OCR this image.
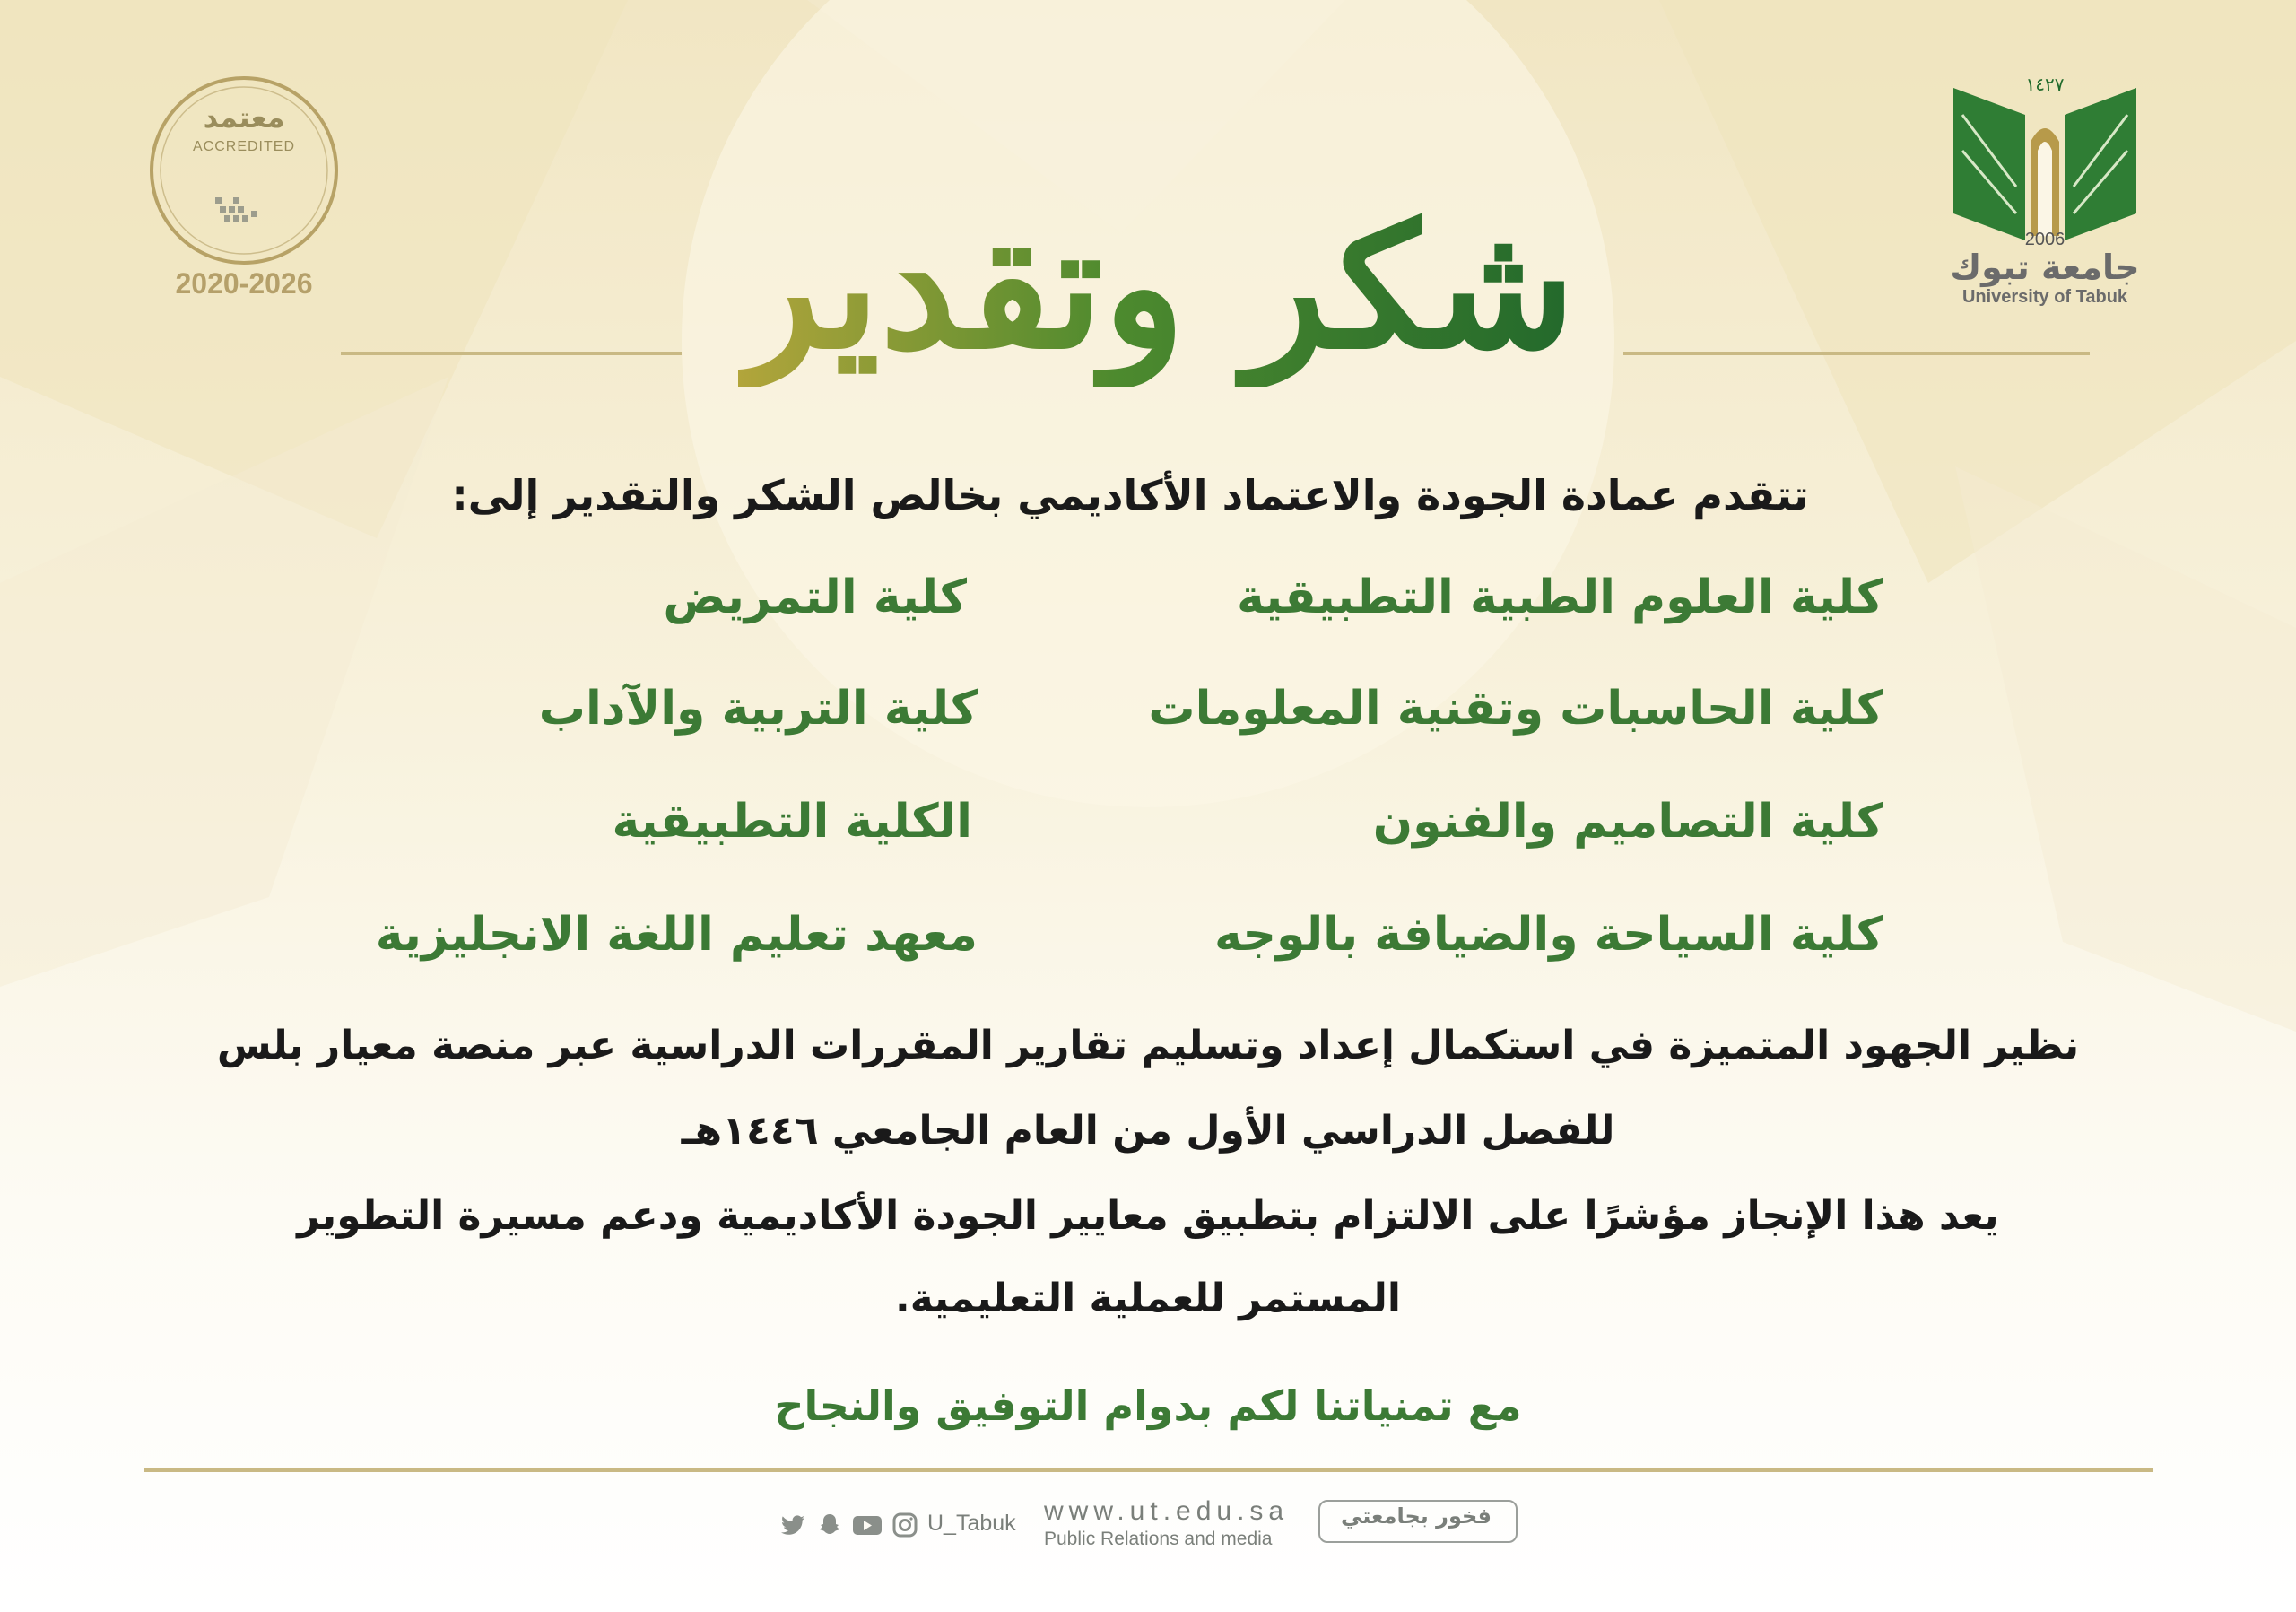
معتمد
ACCREDITED
2020-2026
١٤٢٧
2006
جامعة تبوك
University of Tabuk
شكر وتقدير
تتقدم عمادة الجودة والاعتماد الأكاديمي بخالص الشكر والتقدير إلى:
كلية العلوم الطبية التطبيقية
كلية التمريض
كلية الحاسبات وتقنية المعلومات
كلية التربية والآداب
كلية التصاميم والفنون
الكلية التطبيقية
كلية السياحة والضيافة بالوجه
معهد تعليم اللغة الانجليزية
نظير الجهود المتميزة في استكمال إعداد وتسليم تقارير المقررات الدراسية عبر منصة معيار بلس
للفصل الدراسي الأول من العام الجامعي ١٤٤٦هـ
يعد هذا الإنجاز مؤشرًا على الالتزام بتطبيق معايير الجودة الأكاديمية ودعم مسيرة التطوير
المستمر للعملية التعليمية.
مع تمنياتنا لكم بدوام التوفيق والنجاح
U_Tabuk www.ut.edu.sa
Public Relations and media
فخور بجامعتي
